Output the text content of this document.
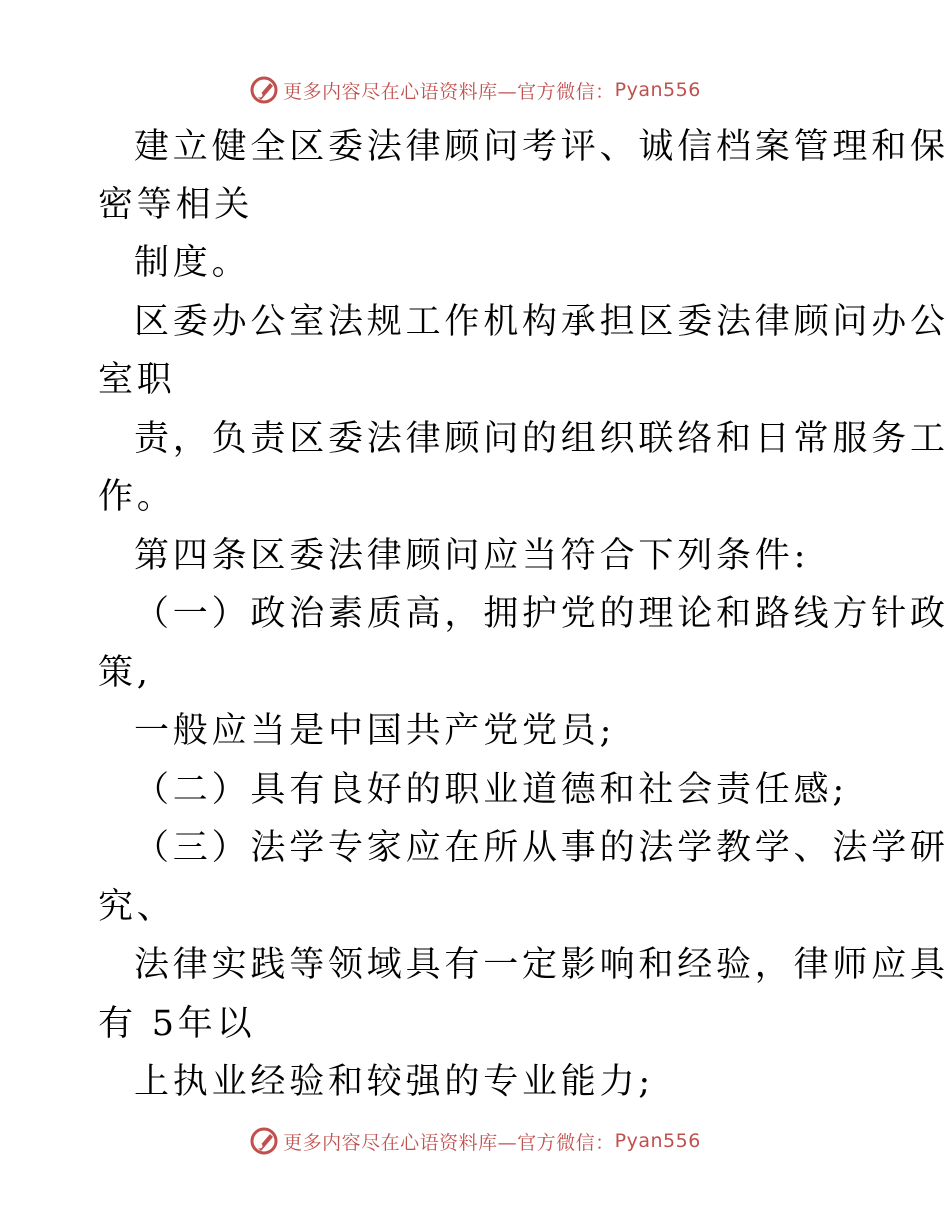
更多内容尽在心语资料库—官方微信： Pyan556
建立健全区委法律顾问考评、诚信档案管理和保
密等相关
制度。
区委办公室法规工作机构承担区委法律顾问办公
室职
责，负责区委法律顾问的组织联络和日常服务工
作。
第四条区委法律顾问应当符合下列条件:
（一）政治素质高，拥护党的理论和路线方针政
策,
一般应当是中国共产党党员;
（二）具有良好的职业道德和社会责任感;
（三）法学专家应在所从事的法学教学、法学研
究、
法律实践等领域具有一定影响和经验，律师应具
有 5年以
上执业经验和较强的专业能力;
更多内容尽在心语资料库—官方微信： Pyan556
